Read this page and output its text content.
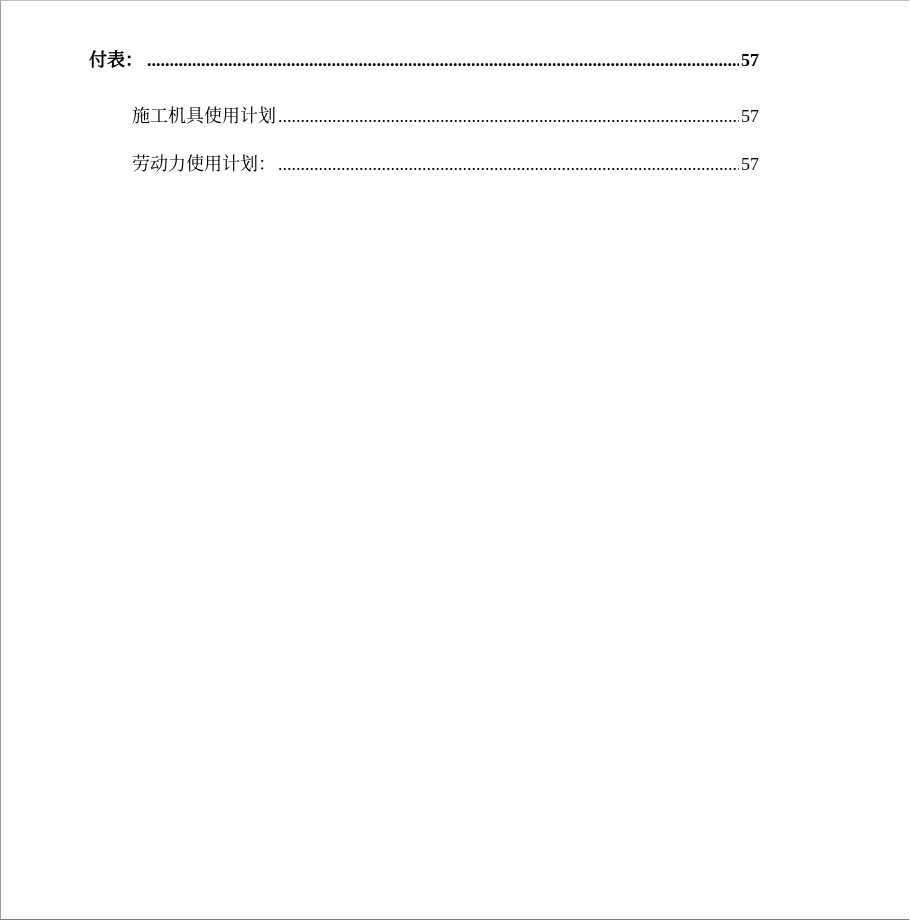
付表： .....	57
施工机具使用计划 .....	57
劳动力使用计划： .....	57
